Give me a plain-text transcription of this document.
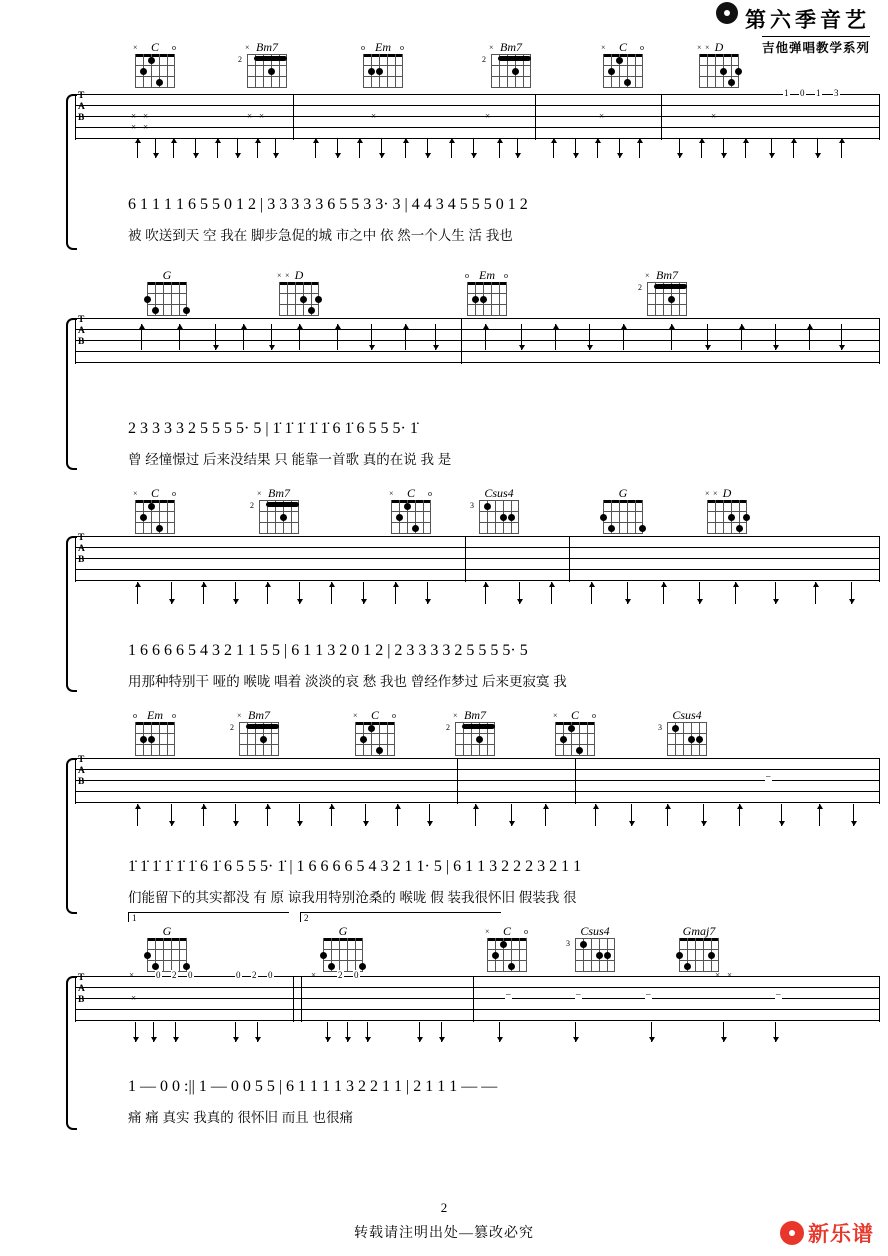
第六季音艺
吉他弹唱教学系列
C
×	o	Bm7
×
2
Em
o	o	Bm7
×
2
C
×	o	D
× ×
T
A
B	× ×
× ×
× ×	×	×	×	×
1 0 1 3
6 1 1 1 1 6 5 5 0 1 2 | 3 3 3 3 3 6 5 5 3 3· 3 | 4 4 3 4 5 5 5 0 1 2
被 吹送到天 空 我在 脚步急促的城 市之中 依 然一个人生 活 我也
G	D
× ×	Em
o	o	Bm7
×
2
T
A
B
2 3 3 3 3 2 5 5 5 5· 5 | 1̇ 1̇ 1̇ 1̇ 1̇ 6 1̇ 6 5 5 5· 1̇
曾 经憧憬过 后来没结果 只 能靠一首歌 真的在说 我 是
C
×	o	Bm7
×
2
C
×	o	Csus4
3
G	D
× ×
T
A
B
1 6 6 6 6 5 4 3 2 1 1 5 5 | 6 1 1 3 2 0 1 2 | 2 3 3 3 3 2 5 5 5 5· 5
用那种特别干 哑的 喉咙 唱着 淡淡的哀 愁 我也 曾经作梦过 后来更寂寞 我
Em
o	o	Bm7
×
2
C
×	o	Bm7
×
2
C
×	o	Csus4
3
T
A
B
–
1̇ 1̇ 1̇ 1̇ 1̇ 1̇ 6 1̇ 6 5 5 5· 1̇ | 1 6 6 6 6 5 4 3 2 1 1· 5 | 6 1 1 3 2 2 2 3 2 1 1
们能留下的其实都没 有 原 谅我用特别沧桑的 喉咙 假 装我很怀旧 假装我 很
1	2
G	G	C
×	o	Csus4
3
Gmaj7
T
A
B
×
×
0 2 0	0 2 0	× 2 0	× ×
–	–	–	–
1 — 0 0 :|| 1 — 0 0 5 5 | 6 1 1 1 1 3 2 2 1 1 | 2 1 1 1 — —
痛 痛 真实 我真的 很怀旧 而且 也很痛
2
转载请注明出处—篡改必究	新乐谱
